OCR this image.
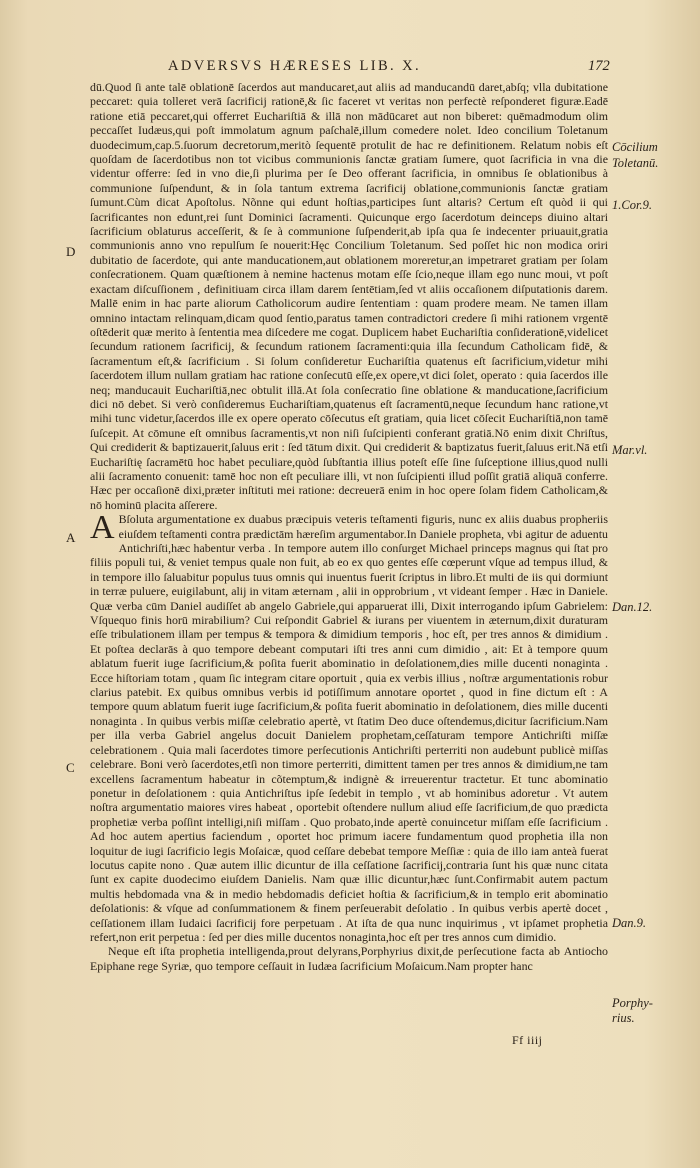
ADVERSVS HÆRESES LIB. X.	172

dū.Quod ſi ante talē oblationē ſacerdos aut manducaret,aut aliis ad manducandū daret,abſq; vlla dubitatione peccaret: quia tolleret verā ſacrificij rationē,& ſic faceret vt veritas non perfectè reſponderet figuræ.Eadē ratione etiā peccaret,qui offerret Euchariſtiā & illā non mādūcaret aut non biberet: quēmadmodum olim peccaſſet Iudæus,qui poſt immolatum agnum paſchalē,illum comedere nolet. Ideo concilium Toletanum duodecimum,cap.5.ſuorum decretorum,meritò ſequentē protulit de hac re definitionem. Relatum nobis eſt quoſdam de ſacerdotibus non tot vicibus communionis ſanctæ gratiam ſumere, quot ſacrificia in vna die videntur offerre: ſed in vno die,ſi plurima per ſe Deo offerant ſacrificia, in omnibus ſe oblationibus à communione ſuſpendunt, & in ſola tantum extrema ſacrificij oblatione,communionis ſanctæ gratiam ſumunt.Cùm dicat Apoſtolus. Nõnne qui edunt hoſtias,participes ſunt altaris? Certum eſt quòd ii qui ſacrificantes non edunt,rei ſunt Dominici ſacramenti. Quicunque ergo ſacerdotum deinceps diuino altari ſacrificium oblaturus acceſſerit, & ſe à communione ſuſpenderit,ab ipſa qua ſe indecenter priuauit,gratia communionis anno vno repulſum ſe nouerit:Hęc Concilium Toletanum. Sed poſſet hic non modica oriri dubitatio de ſacerdote, qui ante manducationem,aut oblationem moreretur,an impetraret gratiam per ſolam conſecrationem. Quam quæſtionem à nemine hactenus motam eſſe ſcio,neque illam ego nunc moui, vt poſt exactam diſcuſſionem , definitiuam circa illam darem ſentētiam,ſed vt aliis occaſionem diſputationis darem. Mallē enim in hac parte aliorum Catholicorum audire ſententiam : quam prodere meam. Ne tamen illam omnino intactam relinquam,dicam quod ſentio,paratus tamen contradictori credere ſi mihi rationem vrgentē oſtēderit quæ merito à ſententia mea diſcedere me cogat. Duplicem habet Euchariſtia conſiderationē,videlicet ſecundum rationem ſacrificij, & ſecundum rationem ſacramenti:quia illa ſecundum Catholicam fidē, & ſacramentum eſt,& ſacrificium . Si ſolum conſideretur Euchariſtia quatenus eſt ſacrificium,videtur mihi ſacerdotem illum nullam gratiam hac ratione conſecutū eſſe,ex opere,vt dici ſolet, operato : quia ſacerdos ille neq; manducauit Euchariſtiā,nec obtulit illā.At ſola conſecratio ſine oblatione & manducatione,ſacrificium dici nō debet. Si verò conſideremus Euchariſtiam,quatenus eſt ſacramentū,neque ſecundum hanc ratione,vt mihi tunc videtur,ſacerdos ille ex opere operato cōſecutus eſt gratiam, quia licet cōſecit Euchariſtiā,non tamē ſuſcepit. At cōmune eſt omnibus ſacramentis,vt non niſi ſuſcipienti conferant gratiā.Nō enim dixit Chriſtus, Qui crediderit & baptizauerit,ſaluus erit : ſed tātum dixit. Qui crediderit & baptizatus fuerit,ſaluus erit.Nā etſi Euchariſtię ſacramētū hoc habet peculiare,quòd ſubſtantia illius poteſt eſſe ſine ſuſceptione illius,quod nulli alii ſacramento conuenit: tamē hoc non eſt peculiare illi, vt non ſuſcipienti illud poſſit gratiā aliquā conferre. Hæc per occaſionē dixi,præter inſtituti mei ratione: decreuerā enim in hoc opere ſolam fidem Catholicam,& nō hominū placita aſſerere.

A Bſoluta argumentatione ex duabus præcipuis veteris teſtamenti figuris, nunc ex aliis duabus propheriis eiuſdem teſtamenti contra prædictām hæreſim argumentabor.In Daniele propheta, vbi agitur de aduentu Antichriſti,hæc habentur verba . In tempore autem illo conſurget Michael princeps magnus qui ſtat pro filiis populi tui, & veniet tempus quale non fuit, ab eo ex quo gentes eſſe cœperunt vſque ad tempus illud, & in tempore illo ſaluabitur populus tuus omnis qui inuentus fuerit ſcriptus in libro.Et multi de iis qui dormiunt in terræ puluere, euigilabunt, alij in vitam æternam , alii in opprobrium , vt videant ſemper . Hæc in Daniele. Quæ verba cūm Daniel audiſſet ab angelo Gabriele,qui apparuerat illi, Dixit interrogando ipſum Gabrielem: Vſquequo finis horū mirabilium? Cui reſpondit Gabriel & iurans per viuentem in æternum,dixit duraturam eſſe tribulationem illam per tempus & tempora & dimidium temporis , hoc eſt, per tres annos & dimidium . Et poſtea declarās à quo tempore debeant computari iſti tres anni cum dimidio , ait: Et à tempore quum ablatum fuerit iuge ſacrificium,& poſita fuerit abominatio in deſolationem,dies mille ducenti nonaginta . Ecce hiſtoriam totam , quam ſic integram citare oportuit , quia ex verbis illius , noſtræ argumentationis robur clarius patebit. Ex quibus omnibus verbis id potiſſimum annotare oportet , quod in fine dictum eſt : A tempore quum ablatum fuerit iuge ſacrificium,& poſita fuerit abominatio in deſolationem, dies mille ducenti nonaginta . In quibus verbis miſſæ celebratio apertè, vt ſtatim Deo duce oſtendemus,dicitur ſacrificium.Nam per illa verba Gabriel angelus docuit Danielem prophetam,ceſſaturam tempore Antichriſti miſſæ celebrationem . Quia mali ſacerdotes timore perſecutionis Antichriſti perterriti non audebunt publicè miſſas celebrare. Boni verò ſacerdotes,etſi non timore perterriti, dimittent tamen per tres annos & dimidium,ne tam excellens ſacramentum habeatur in cõtemptum,& indignè & irreuerentur tractetur. Et tunc abominatio ponetur in deſolationem : quia Antichriſtus ipſe ſedebit in templo , vt ab hominibus adoretur . Vt autem noſtra argumentatio maiores vires habeat , oportebit oſtendere nullum aliud eſſe ſacrificium,de quo prædicta prophetiæ verba poſſint intelligi,niſi miſſam . Quo probato,inde apertè conuincetur miſſam eſſe ſacrificium . Ad hoc autem apertius faciendum , oportet hoc primum iacere fundamentum quod prophetia illa non loquitur de iugi ſacrificio legis Moſaicæ, quod ceſſare debebat tempore Meſſiæ : quia de illo iam anteà fuerat locutus capite nono . Quæ autem illic dicuntur de illa ceſſatione ſacrificij,contraria ſunt his quæ nunc citata ſunt ex capite duodecimo eiuſdem Danielis. Nam quæ illic dicuntur,hæc ſunt.Confirmabit autem pactum multis hebdomada vna & in medio hebdomadis deficiet hoſtia & ſacrificium,& in templo erit abominatio deſolationis: & vſque ad conſummationem & finem perſeuerabit deſolatio . In quibus verbis apertè docet , ceſſationem illam Iudaici ſacrificij fore perpetuam . At iſta de qua nunc inquirimus , vt ipſamet prophetia refert,non erit perpetua : ſed per dies mille ducentos nonaginta,hoc eſt per tres annos cum dimidio.

Neque eſt iſta prophetia intelligenda,prout delyrans,Porphyrius dixit,de perſecutione facta ab Antiocho Epiphane rege Syriæ, quo tempore ceſſauit in Iudæa ſacrificium Moſaicum.Nam propter hanc

D
A
C
Cōcilium
Toletanū.
1.Cor.9.
Mar.vl.
Dan.12.
Dan.9.
Porphy-
rius.
Ff iiij
